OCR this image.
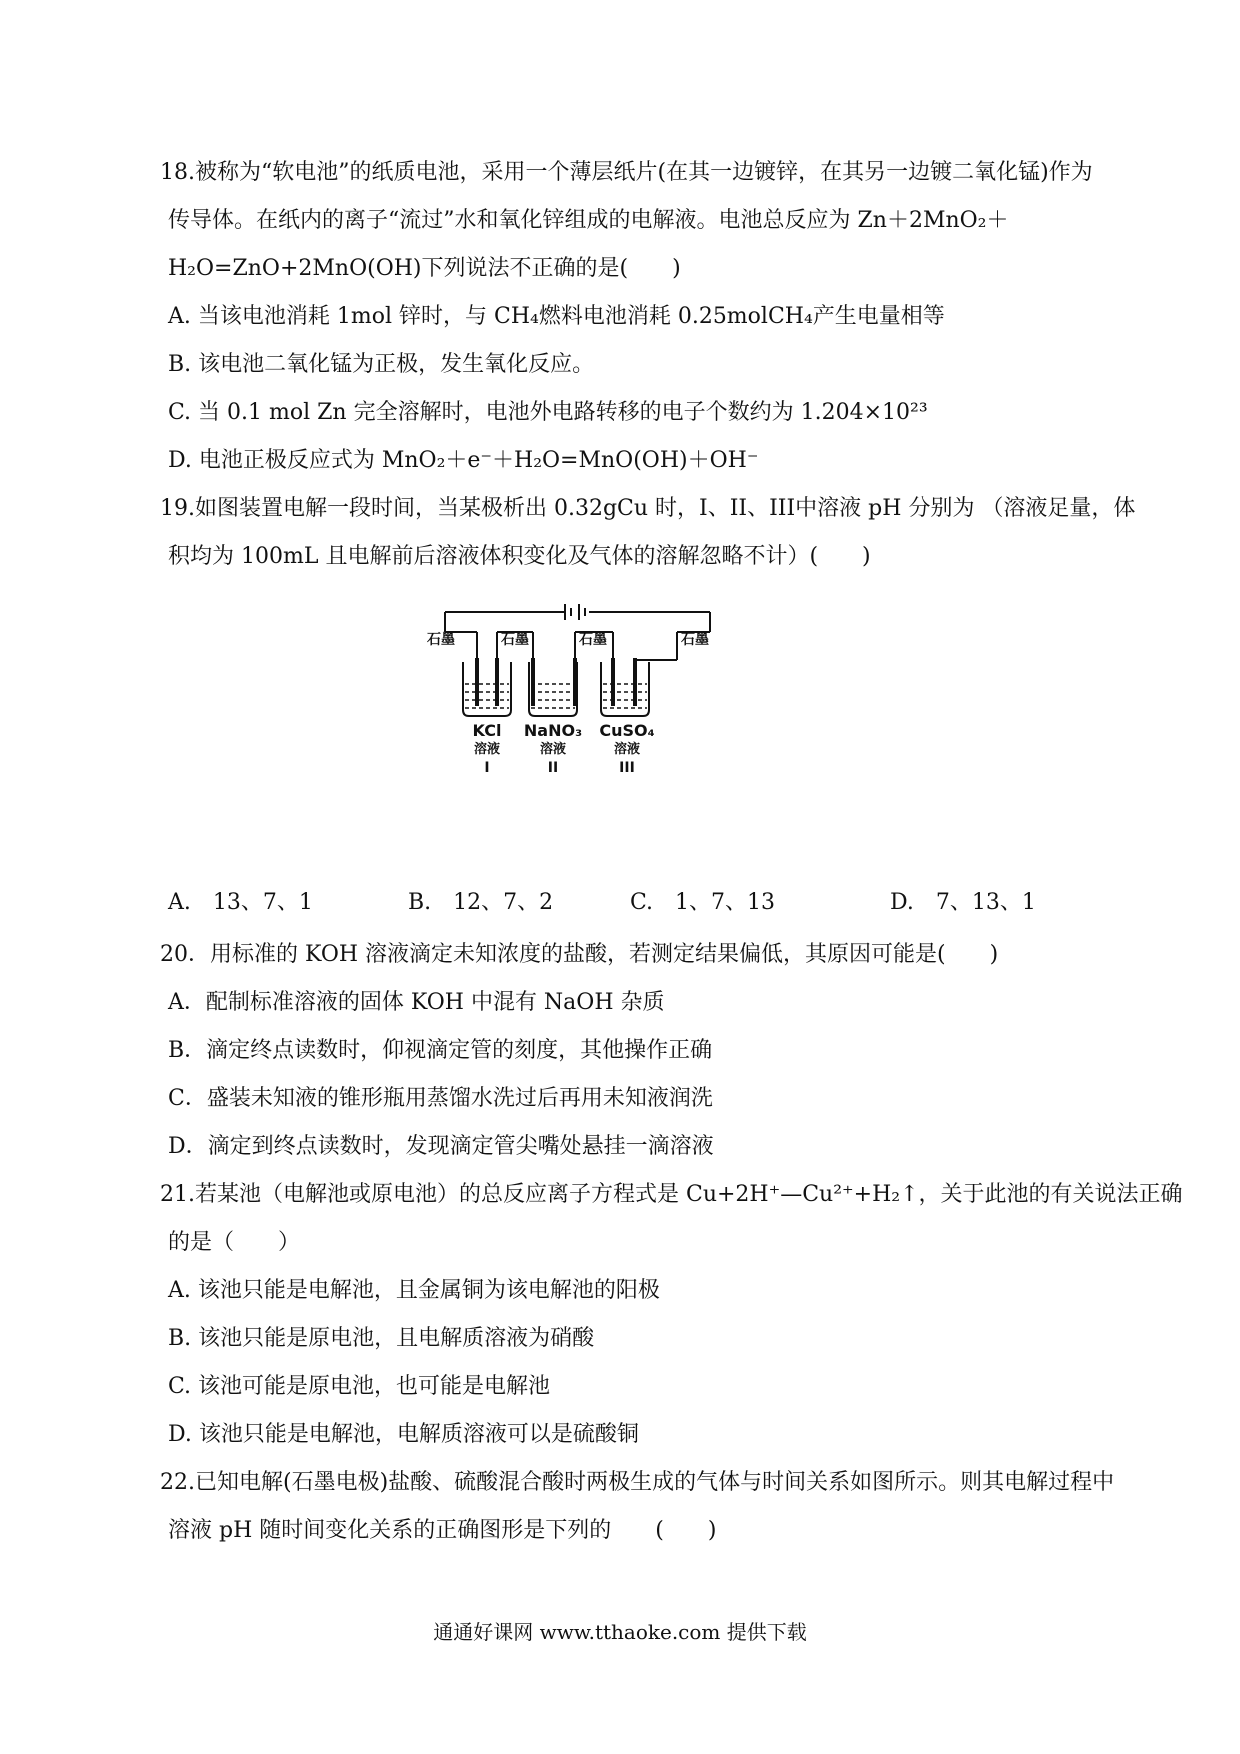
18.被称为“软电池”的纸质电池，采用一个薄层纸片(在其一边镀锌，在其另一边镀二氧化锰)作为
传导体。在纸内的离子“流过”水和氧化锌组成的电解液。电池总反应为 Zn＋2MnO₂＋
H₂O=ZnO+2MnO(OH)下列说法不正确的是(　　)
A. 当该电池消耗 1mol 锌时，与 CH₄燃料电池消耗 0.25molCH₄产生电量相等
B. 该电池二氧化锰为正极，发生氧化反应。
C. 当 0.1 mol Zn 完全溶解时，电池外电路转移的电子个数约为 1.204×10²³
D. 电池正极反应式为 MnO₂＋e⁻＋H₂O=MnO(OH)＋OH⁻
19.如图装置电解一段时间，当某极析出 0.32gCu 时，I、II、III中溶液 pH 分别为 （溶液足量，体
积均为 100mL 且电解前后溶液体积变化及气体的溶解忽略不计）(　　)
石墨	石墨	石墨	石墨
KCl NaNO₃ CuSO₄
溶液	溶液	溶液
I	II	III
A.　13、7、1	B.　12、7、2	C.　1、7、13	D.　7、13、1
20．用标准的 KOH 溶液滴定未知浓度的盐酸，若测定结果偏低，其原因可能是(　　)
A．配制标准溶液的固体 KOH 中混有 NaOH 杂质
B．滴定终点读数时，仰视滴定管的刻度，其他操作正确
C．盛装未知液的锥形瓶用蒸馏水洗过后再用未知液润洗
D．滴定到终点读数时，发现滴定管尖嘴处悬挂一滴溶液
21.若某池（电解池或原电池）的总反应离子方程式是 Cu+2H⁺—Cu²⁺+H₂↑，关于此池的有关说法正确
的是（　　）
A. 该池只能是电解池，且金属铜为该电解池的阳极
B. 该池只能是原电池，且电解质溶液为硝酸
C. 该池可能是原电池，也可能是电解池
D. 该池只能是电解池，电解质溶液可以是硫酸铜
22.已知电解(石墨电极)盐酸、硫酸混合酸时两极生成的气体与时间关系如图所示。则其电解过程中
溶液 pH 随时间变化关系的正确图形是下列的　　(　　)
通通好课网 www.tthaoke.com 提供下载
